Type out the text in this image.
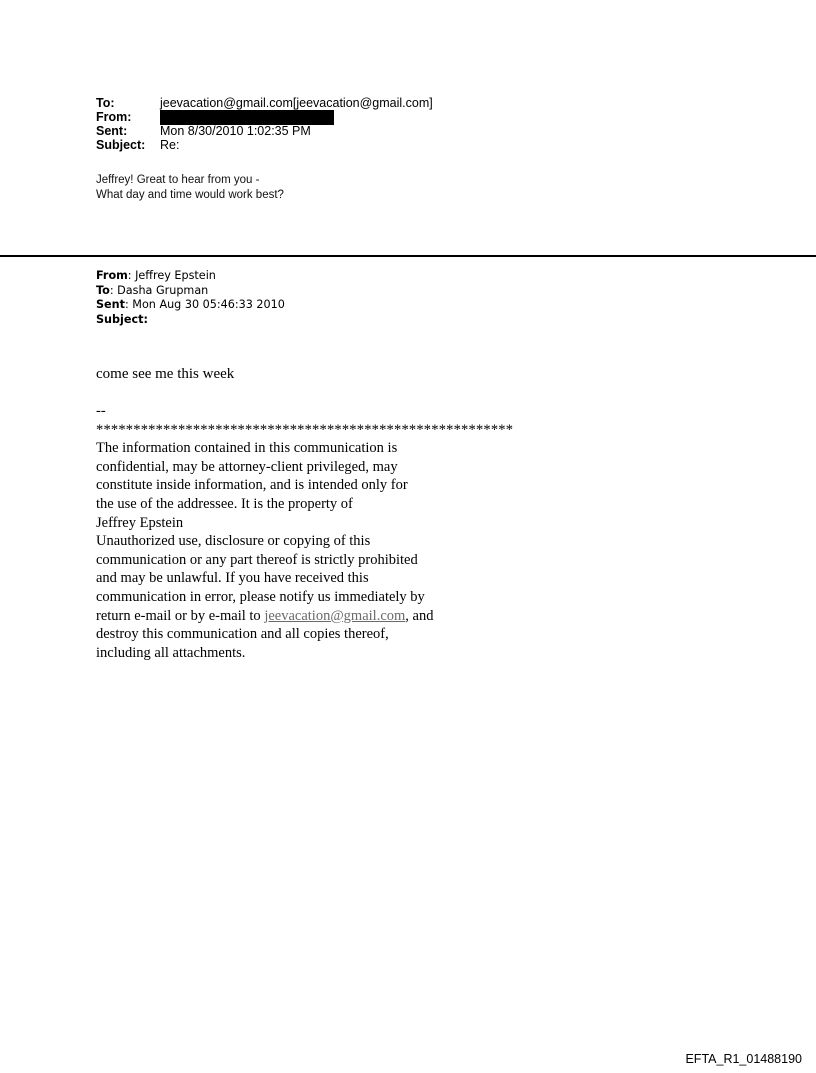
To:	jeevacation@gmail.com[jeevacation@gmail.com]
From:
Sent:	Mon 8/30/2010 1:02:35 PM
Subject:	Re:
Jeffrey! Great to hear from you -
What day and time would work best?
From: Jeffrey Epstein
To: Dasha Grupman
Sent: Mon Aug 30 05:46:33 2010
Subject:
come see me this week
--
********************************************************
The information contained in this communication is
confidential, may be attorney-client privileged, may
constitute inside information, and is intended only for
the use of the addressee. It is the property of
Jeffrey Epstein
Unauthorized use, disclosure or copying of this
communication or any part thereof is strictly prohibited
and may be unlawful. If you have received this
communication in error, please notify us immediately by
return e-mail or by e-mail to jeevacation@gmail.com, and
destroy this communication and all copies thereof,
including all attachments.
EFTA_R1_01488190
